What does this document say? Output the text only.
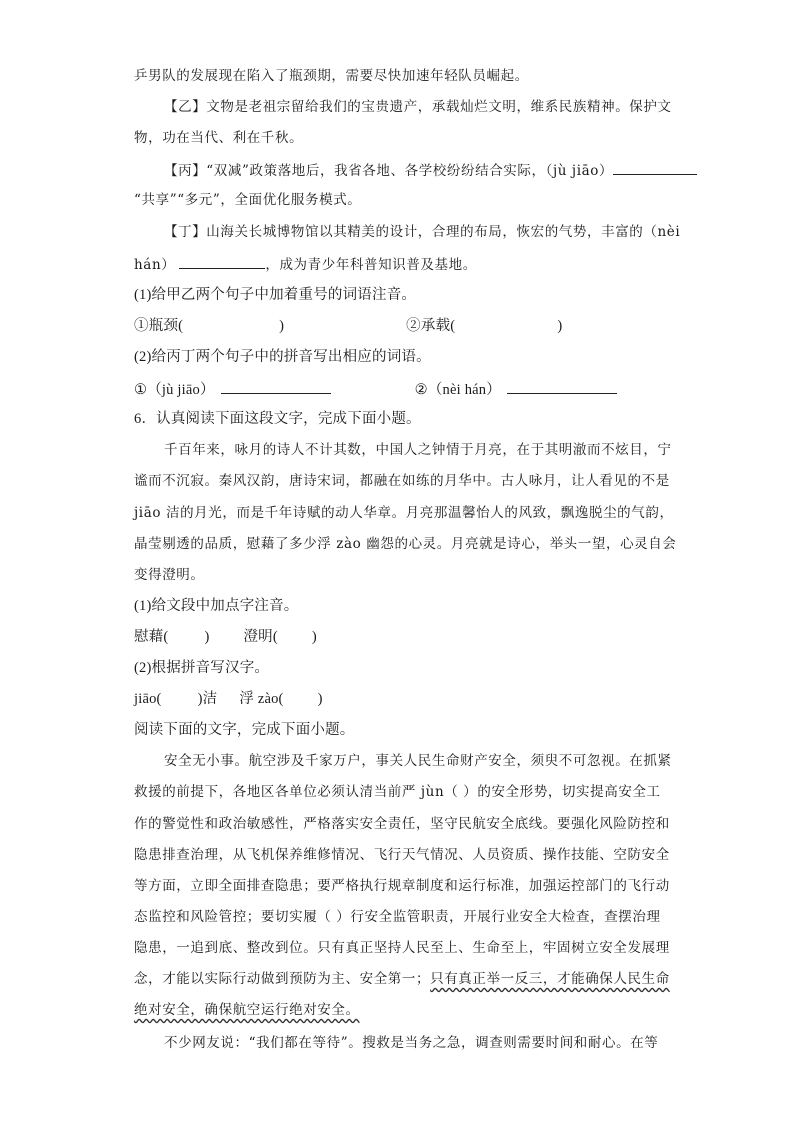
乒男队的发展现在陷入了瓶颈期，需要尽快加速年轻队员崛起。
【乙】文物是老祖宗留给我们的宝贵遗产，承载灿烂文明，维系民族精神。保护文
物，功在当代、利在千秋。
【丙】“双减”政策落地后，我省各地、各学校纷纷结合实际，（jù jiāo）
“共享”“多元”，全面优化服务模式。
【丁】山海关长城博物馆以其精美的设计，合理的布局，恢宏的气势，丰富的（nèi
hán）	，成为青少年科普知识普及基地。
(1)给甲乙两个句子中加着重号的词语注音。
①瓶颈(	)	②承载(	)
(2)给丙丁两个句子中的拼音写出相应的词语。
①（jù jiāo）	②（nèi hán）
6．认真阅读下面这段文字，完成下面小题。
千百年来，咏月的诗人不计其数，中国人之钟情于月亮，在于其明澈而不炫目，宁
谧而不沉寂。秦风汉韵，唐诗宋词，都融在如练的月华中。古人咏月，让人看见的不是
jiāo 洁的月光，而是千年诗赋的动人华章。月亮那温馨怡人的风致，飘逸脱尘的气韵，
晶莹剔透的品质，慰藉了多少浮 zào 幽怨的心灵。月亮就是诗心，举头一望，心灵自会
变得澄明。
(1)给文段中加点字注音。
慰藉( ) 澄明( )
(2)根据拼音写汉字。
jiāo( )洁 浮 zào( )
阅读下面的文字，完成下面小题。
安全无小事。航空涉及千家万户，事关人民生命财产安全，须臾不可忽视。在抓紧
救援的前提下，各地区各单位必须认清当前严 jùn（ ）的安全形势，切实提高安全工
作的警觉性和政治敏感性，严格落实安全责任，坚守民航安全底线。要强化风险防控和
隐患排查治理，从飞机保养维修情况、飞行天气情况、人员资质、操作技能、空防安全
等方面，立即全面排查隐患；要严格执行规章制度和运行标准，加强运控部门的飞行动
态监控和风险管控；要切实履（ ）行安全监管职责，开展行业安全大检查，查摆治理
隐患，一追到底、整改到位。只有真正坚持人民至上、生命至上，牢固树立安全发展理
念，才能以实际行动做到预防为主、安全第一；只有真正举一反三，才能确保人民生命
绝对安全，确保航空运行绝对安全。
不少网友说：“我们都在等待”。搜救是当务之急，调查则需要时间和耐心。在等
